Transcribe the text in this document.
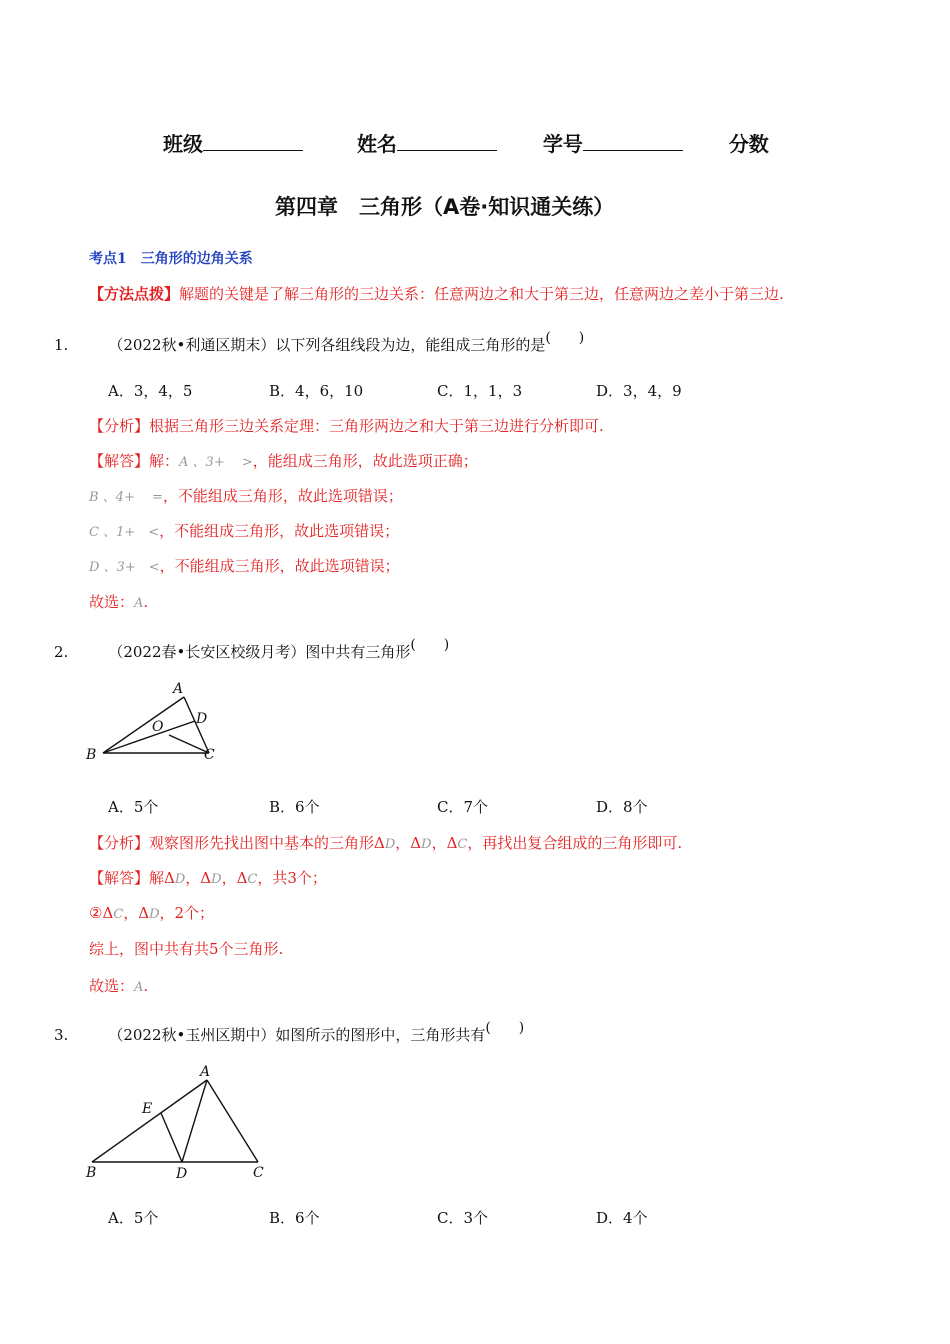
班级	姓名	学号	分数
第四章　三角形（A卷·知识通关练）
考点1　三角形的边角关系
【方法点拨】解题的关键是了解三角形的三边关系：任意两边之和大于第三边，任意两边之差小于第三边.
1.	（2022秋•利通区期末）以下列各组线段为边，能组成三角形的是(　　)
A．3，4，5	B．4，6，10	C．1，1，3	D．3，4，9
【分析】根据三角形三边关系定理：三角形两边之和大于第三边进行分析即可.
【解答】解：A 、3+　 >，能组成三角形，故此选项正确；
B 、4+　 =，不能组成三角形，故此选项错误；
C 、1+　<，不能组成三角形，故此选项错误；
D 、3+　<，不能组成三角形，故此选项错误；
故选：A.
2.	（2022春•长安区校级月考）图中共有三角形(　　)
A
D
O
B	C
A．5个	B．6个	C．7个	D．8个
【分析】观察图形先找出图中基本的三角形ΔD，ΔD，ΔC，再找出复合组成的三角形即可.
【解答】解ΔD，ΔD，ΔC，共3个；
②ΔC，ΔD，2个；
综上，图中共有共5个三角形.
故选：A.
3.	（2022秋•玉州区期中）如图所示的图形中，三角形共有(　　)
A
E
B	D	C
A．5个	B．6个	C．3个	D．4个
